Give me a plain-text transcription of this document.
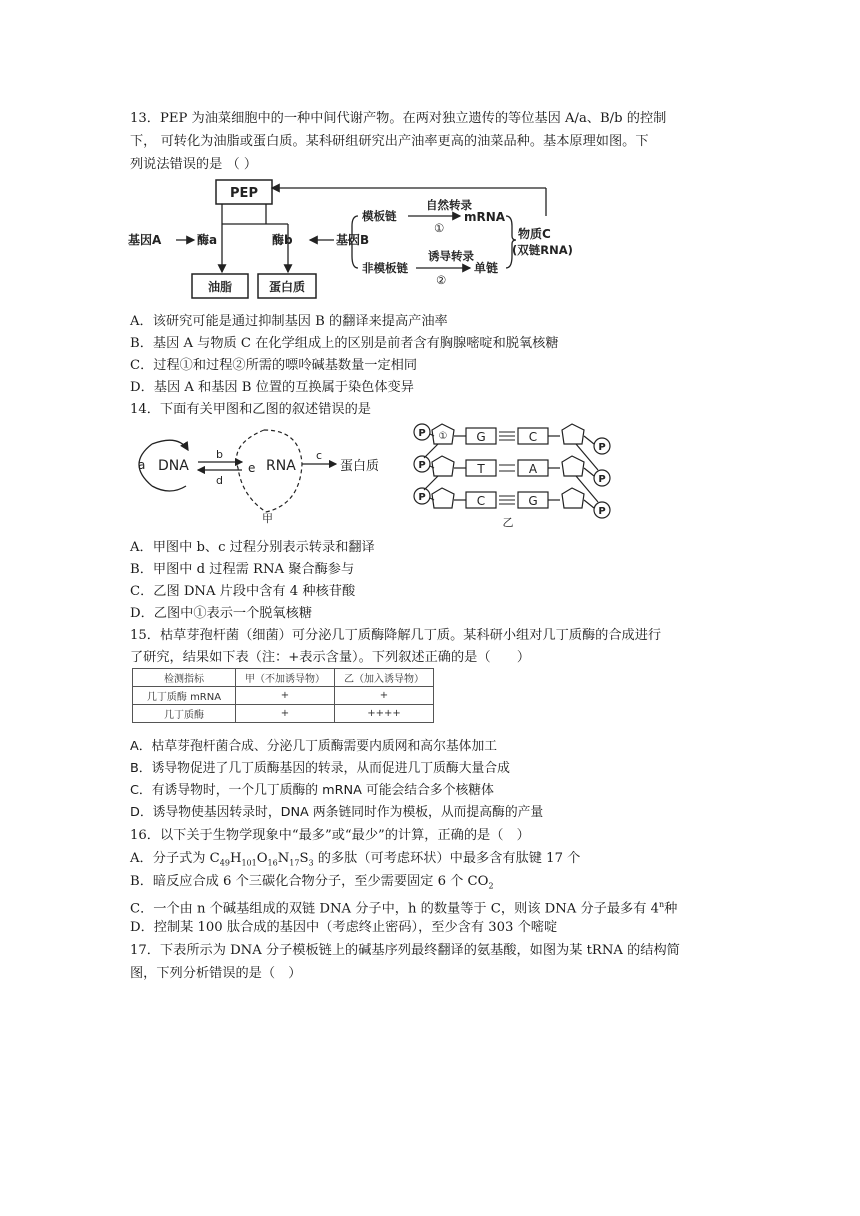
13．PEP 为油菜细胞中的一种中间代谢产物。在两对独立遗传的等位基因 A/a、B/b 的控制
下， 可转化为油脂或蛋白质。某科研组研究出产油率更高的油菜品种。基本原理如图。下
列说法错误的是 （ ）
PEP
基因A	酶a	酶b	基因B
模板链
自然转录
mRNA
①
非模板链
诱导转录
单链
②
物质C
(双链RNA)
油脂	蛋白质
A．该研究可能是通过抑制基因 B 的翻译来提高产油率
B．基因 A 与物质 C 在化学组成上的区别是前者含有胸腺嘧啶和脱氧核糖
C．过程①和过程②所需的嘌呤碱基数量一定相同
D．基因 A 和基因 B 位置的互换属于染色体变异
14．下面有关甲图和乙图的叙述错误的是
a DNA
b
d
e RNA
c
蛋白质
甲
P
P
P
① G
T
C
C
A
G
P
P
P
乙
A．甲图中 b、c 过程分别表示转录和翻译
B．甲图中 d 过程需 RNA 聚合酶参与
C．乙图 DNA 片段中含有 4 种核苷酸
D．乙图中①表示一个脱氧核糖
15．枯草芽孢杆菌（细菌）可分泌几丁质酶降解几丁质。某科研小组对几丁质酶的合成进行
了研究，结果如下表（注：+表示含量）。下列叙述正确的是（　　）
检测指标	甲（不加诱导物）	乙（加入诱导物）
几丁质酶 mRNA	+	+
几丁质酶	+	++++
A．枯草芽孢杆菌合成、分泌几丁质酶需要内质网和高尔基体加工
B．诱导物促进了几丁质酶基因的转录，从而促进几丁质酶大量合成
C．有诱导物时，一个几丁质酶的 mRNA 可能会结合多个核糖体
D．诱导物使基因转录时，DNA 两条链同时作为模板，从而提高酶的产量
16．以下关于生物学现象中“最多”或“最少”的计算，正确的是（　）
A．分子式为 $C_{49}H_{101}O_{16}N_{17}S_3$ 的多肽（可考虑环状）中最多含有肽键 17 个
B．暗反应合成 6 个三碳化合物分子，至少需要固定 6 个 $CO_2$
C．一个由 n 个碱基组成的双链 DNA 分子中，h 的数量等于 C，则该 DNA 分子最多有 4$^n$种
D．控制某 100 肽合成的基因中（考虑终止密码），至少含有 303 个嘧啶
17．下表所示为 DNA 分子模板链上的碱基序列最终翻译的氨基酸，如图为某 tRNA 的结构简
图，下列分析错误的是（　）
